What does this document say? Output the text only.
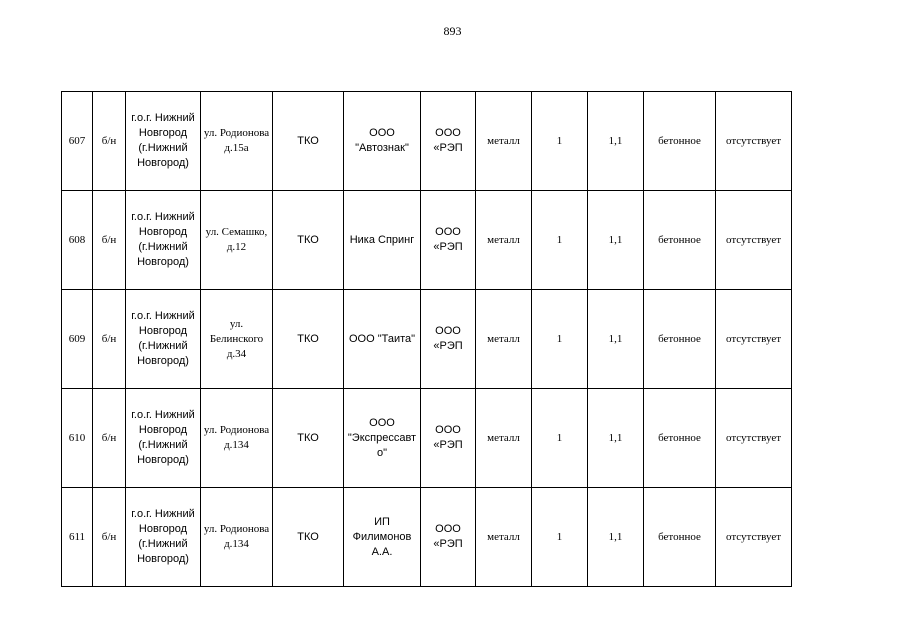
893
607	б/н	г.о.г. Нижний Новгород (г.Нижний Новгород)	ул. Родионова д.15а	ТКО	ООО "Автознак"	ООО «РЭП	металл	1	1,1	бетонное	отсутствует
608	б/н	г.о.г. Нижний Новгород (г.Нижний Новгород)	ул. Семашко, д.12	ТКО	Ника Спринг	ООО «РЭП	металл	1	1,1	бетонное	отсутствует
609	б/н	г.о.г. Нижний Новгород (г.Нижний Новгород)	ул. Белинского д.34	ТКО	ООО "Таита"	ООО «РЭП	металл	1	1,1	бетонное	отсутствует
610	б/н	г.о.г. Нижний Новгород (г.Нижний Новгород)	ул. Родионова д.134	ТКО	ООО "Экспрессавто"	ООО «РЭП	металл	1	1,1	бетонное	отсутствует
611	б/н	г.о.г. Нижний Новгород (г.Нижний Новгород)	ул. Родионова д.134	ТКО	ИП Филимонов А.А.	ООО «РЭП	металл	1	1,1	бетонное	отсутствует
